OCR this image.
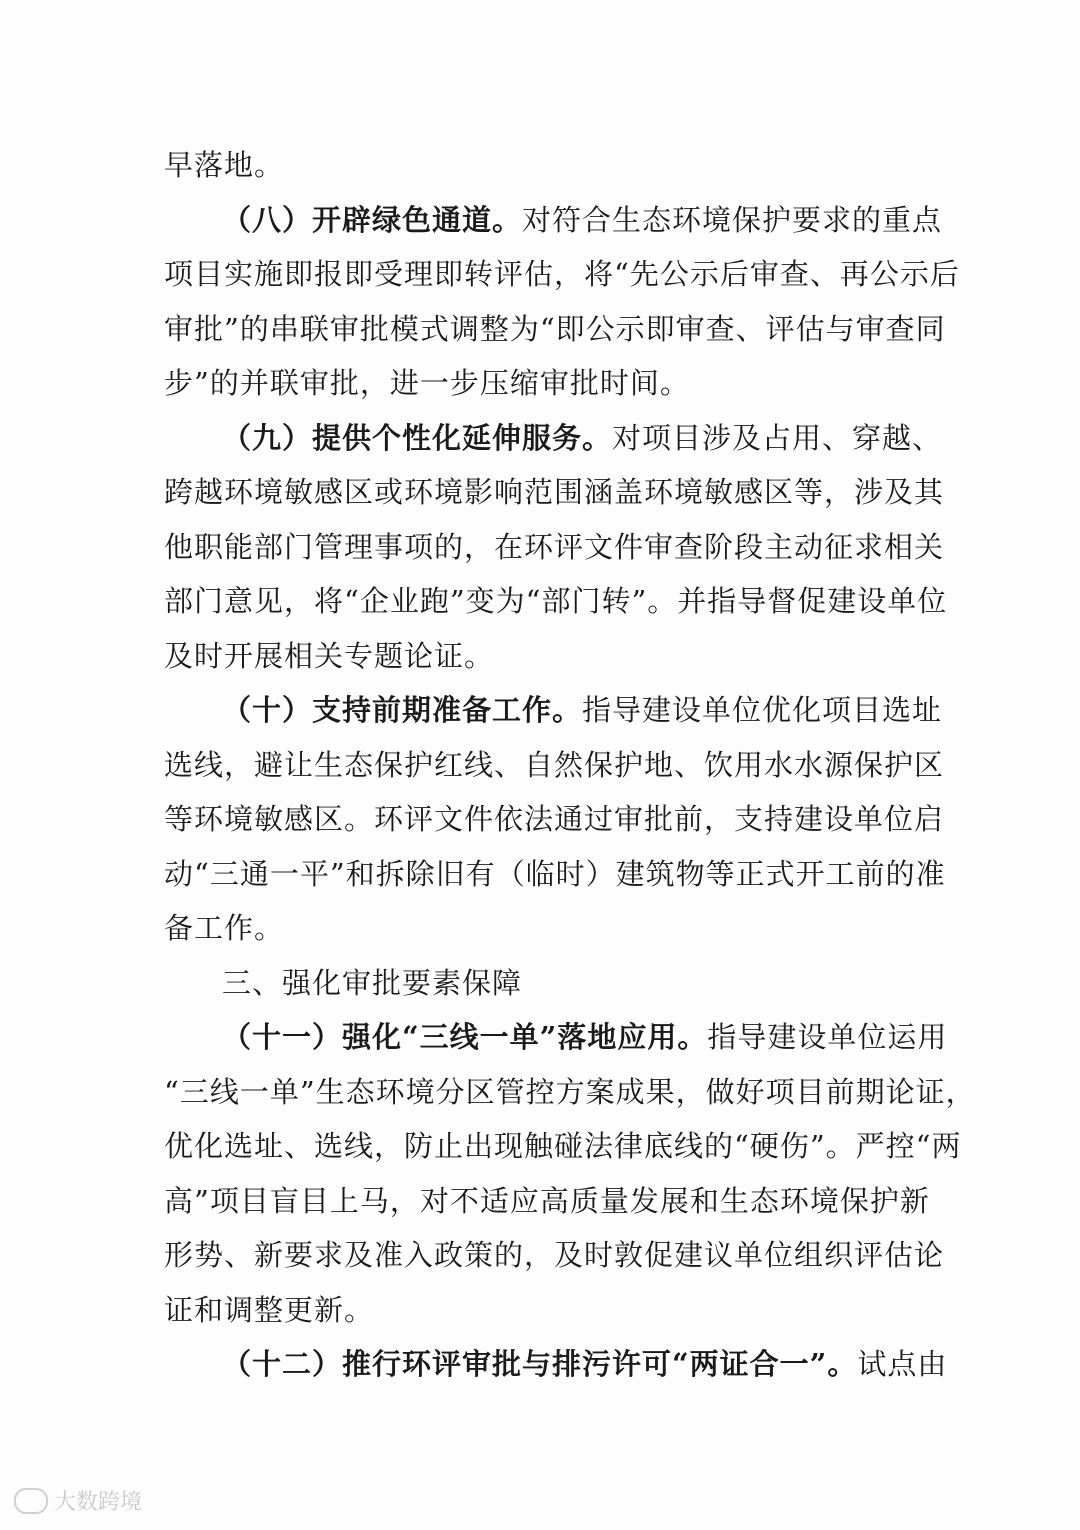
早落地。
（八）开辟绿色通道。对符合生态环境保护要求的重点
项目实施即报即受理即转评估，将“先公示后审查、再公示后
审批”的串联审批模式调整为“即公示即审查、评估与审查同
步”的并联审批，进一步压缩审批时间。
（九）提供个性化延伸服务。对项目涉及占用、穿越、
跨越环境敏感区或环境影响范围涵盖环境敏感区等，涉及其
他职能部门管理事项的，在环评文件审查阶段主动征求相关
部门意见，将“企业跑”变为“部门转”。并指导督促建设单位
及时开展相关专题论证。
（十）支持前期准备工作。指导建设单位优化项目选址
选线，避让生态保护红线、自然保护地、饮用水水源保护区
等环境敏感区。环评文件依法通过审批前，支持建设单位启
动“三通一平”和拆除旧有（临时）建筑物等正式开工前的准
备工作。
三、强化审批要素保障
（十一）强化“三线一单”落地应用。指导建设单位运用
“三线一单”生态环境分区管控方案成果，做好项目前期论证，
优化选址、选线，防止出现触碰法律底线的“硬伤”。严控“两
高”项目盲目上马，对不适应高质量发展和生态环境保护新
形势、新要求及准入政策的，及时敦促建议单位组织评估论
证和调整更新。
（十二）推行环评审批与排污许可“两证合一”。试点由
大数跨境
